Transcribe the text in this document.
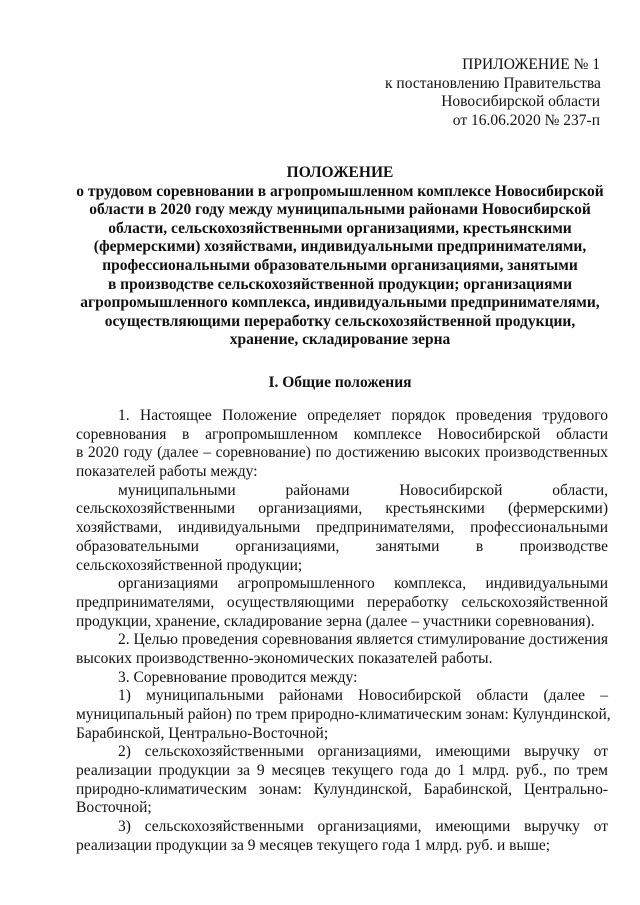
ПРИЛОЖЕНИЕ № 1
к постановлению Правительства
Новосибирской области
от 16.06.2020 № 237-п
ПОЛОЖЕНИЕ
о трудовом соревновании в агропромышленном комплексе Новосибирской
области в 2020 году между муниципальными районами Новосибирской
области, сельскохозяйственными организациями, крестьянскими
(фермерскими) хозяйствами, индивидуальными предпринимателями,
профессиональными образовательными организациями, занятыми
в производстве сельскохозяйственной продукции; организациями
агропромышленного комплекса, индивидуальными предпринимателями,
осуществляющими переработку сельскохозяйственной продукции,
хранение, складирование зерна
I. Общие положения
1. Настоящее Положение определяет порядок проведения трудового
соревнования в агропромышленном комплексе Новосибирской области
в 2020 году (далее – соревнование) по достижению высоких производственных
показателей работы между:
муниципальными районами Новосибирской области,
сельскохозяйственными организациями, крестьянскими (фермерскими)
хозяйствами, индивидуальными предпринимателями, профессиональными
образовательными организациями, занятыми в производстве
сельскохозяйственной продукции;
организациями агропромышленного комплекса, индивидуальными
предпринимателями, осуществляющими переработку сельскохозяйственной
продукции, хранение, складирование зерна (далее – участники соревнования).
2. Целью проведения соревнования является стимулирование достижения
высоких производственно-экономических показателей работы.
3. Соревнование проводится между:
1) муниципальными районами Новосибирской области (далее –
муниципальный район) по трем природно-климатическим зонам: Кулундинской,
Барабинской, Центрально-Восточной;
2) сельскохозяйственными организациями, имеющими выручку от
реализации продукции за 9 месяцев текущего года до 1 млрд. руб., по трем
природно-климатическим зонам: Кулундинской, Барабинской, Центрально-
Восточной;
3) сельскохозяйственными организациями, имеющими выручку от
реализации продукции за 9 месяцев текущего года 1 млрд. руб. и выше;
